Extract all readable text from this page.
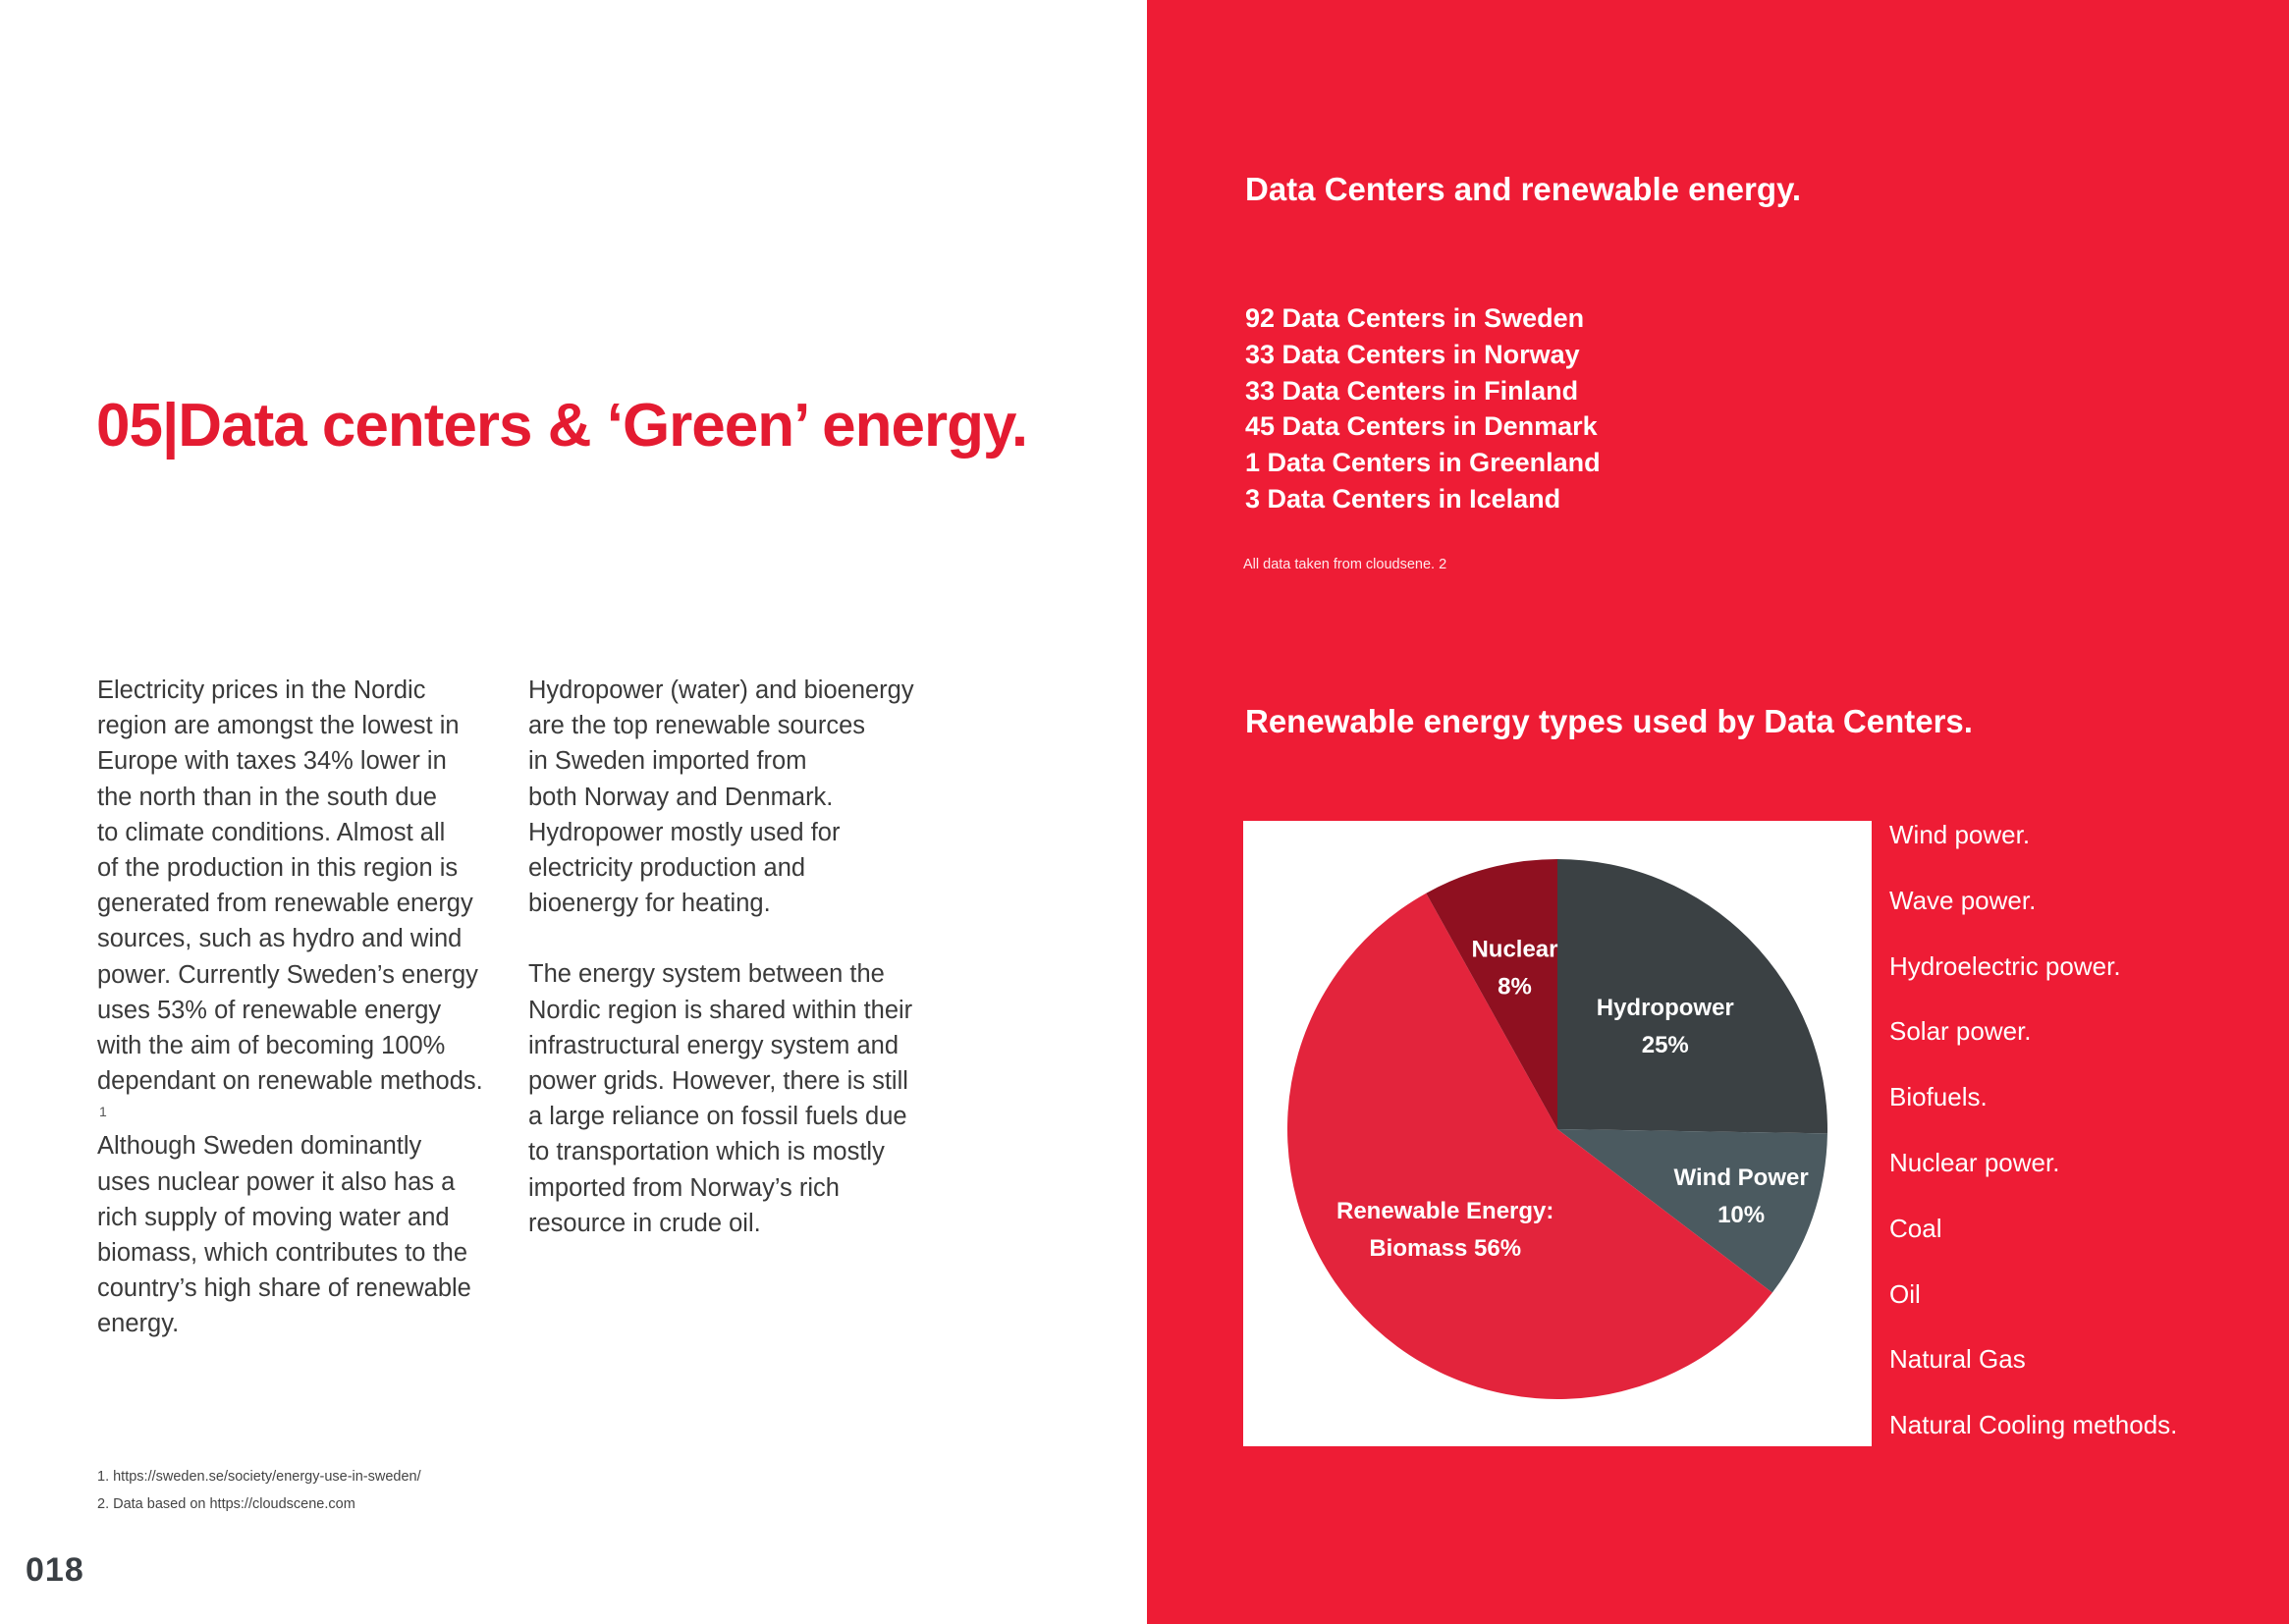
05|Data centers & ‘Green’ energy.

Electricity prices in the Nordic

region are amongst the lowest in

Europe with taxes 34% lower in

the north than in the south due

to climate conditions. Almost all

of the production in this region is

generated from renewable energy

sources, such as hydro and wind

power. Currently Sweden’s energy

uses 53% of renewable energy

with the aim of becoming 100%

dependant on renewable methods.

1

Although Sweden dominantly

uses nuclear power it also has a

rich supply of moving water and

biomass, which contributes to the

country’s high share of renewable

energy.

Hydropower (water) and bioenergy

are the top renewable sources

in Sweden imported from

both Norway and Denmark.

Hydropower mostly used for

electricity production and

bioenergy for heating.

The energy system between the

Nordic region is shared within their

infrastructural energy system and

power grids. However, there is still

a large reliance on fossil fuels due

to transportation which is mostly

imported from Norway’s rich

resource in crude oil.

1. https://sweden.se/society/energy-use-in-sweden/
2. Data based on https://cloudscene.com
018
Data Centers and renewable energy.
92 Data Centers in Sweden
33 Data Centers in Norway
33 Data Centers in Finland
45 Data Centers in Denmark
1 Data Centers in Greenland
3 Data Centers in Iceland
All data taken from cloudsene. 2
Renewable energy types used by Data Centers.
Hydropower 25%
Wind Power 10%
Renewable Energy: Biomass 56%
Nuclear 8%
Wind power.
Wave power.
Hydroelectric power.
Solar power.
Biofuels.
Nuclear power.
Coal
Oil
Natural Gas
Natural Cooling methods.
